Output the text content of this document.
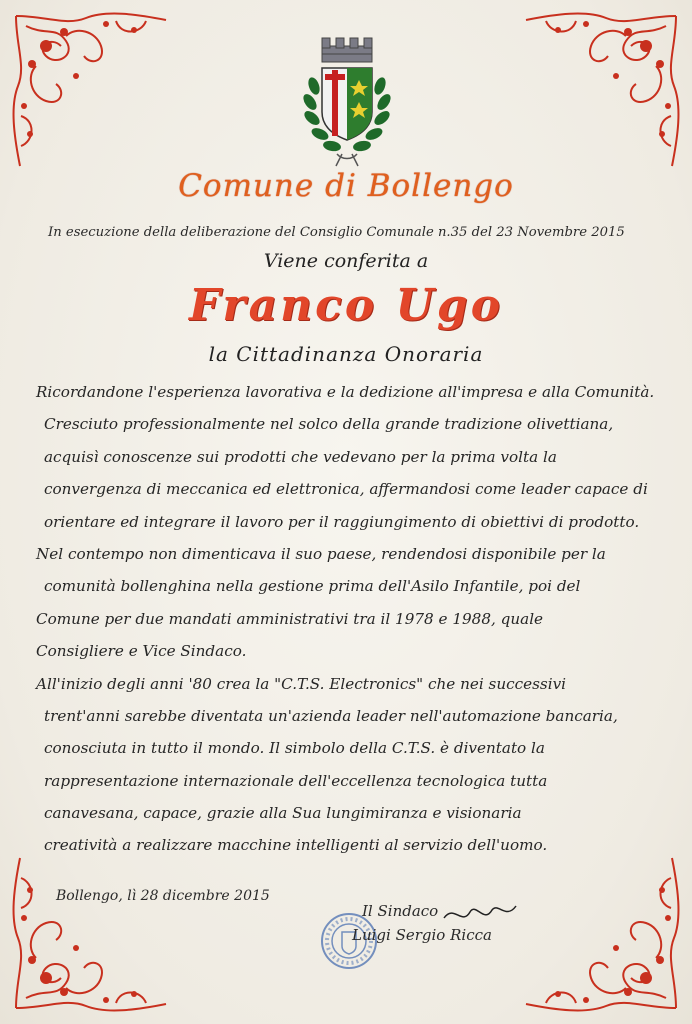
Comune di Bollengo
In esecuzione della deliberazione del Consiglio Comunale n.35 del 23 Novembre 2015
Viene conferita a
Franco Ugo
la Cittadinanza Onoraria
Ricordandone l'esperienza lavorativa e la dedizione all'impresa e alla Comunità.
Cresciuto professionalmente nel solco della grande tradizione olivettiana,
acquisì conoscenze sui prodotti che vedevano per la prima volta la
convergenza di meccanica ed elettronica, affermandosi come leader capace di
orientare ed integrare il lavoro per il raggiungimento di obiettivi di prodotto.
Nel contempo non dimenticava il suo paese, rendendosi disponibile per la
comunità bollenghina nella gestione prima dell'Asilo Infantile, poi del
Comune per due mandati amministrativi tra il 1978 e 1988, quale
Consigliere e Vice Sindaco.
All'inizio degli anni '80 crea la "C.T.S. Electronics" che nei successivi
trent'anni sarebbe diventata un'azienda leader nell'automazione bancaria,
conosciuta in tutto il mondo. Il simbolo della C.T.S. è diventato la
rappresentazione internazionale dell'eccellenza tecnologica tutta
canavesana, capace, grazie alla Sua lungimiranza e visionaria
creatività a realizzare macchine intelligenti al servizio dell'uomo.
Bollengo, lì 28 dicembre 2015
Il Sindaco
Luigi Sergio Ricca
